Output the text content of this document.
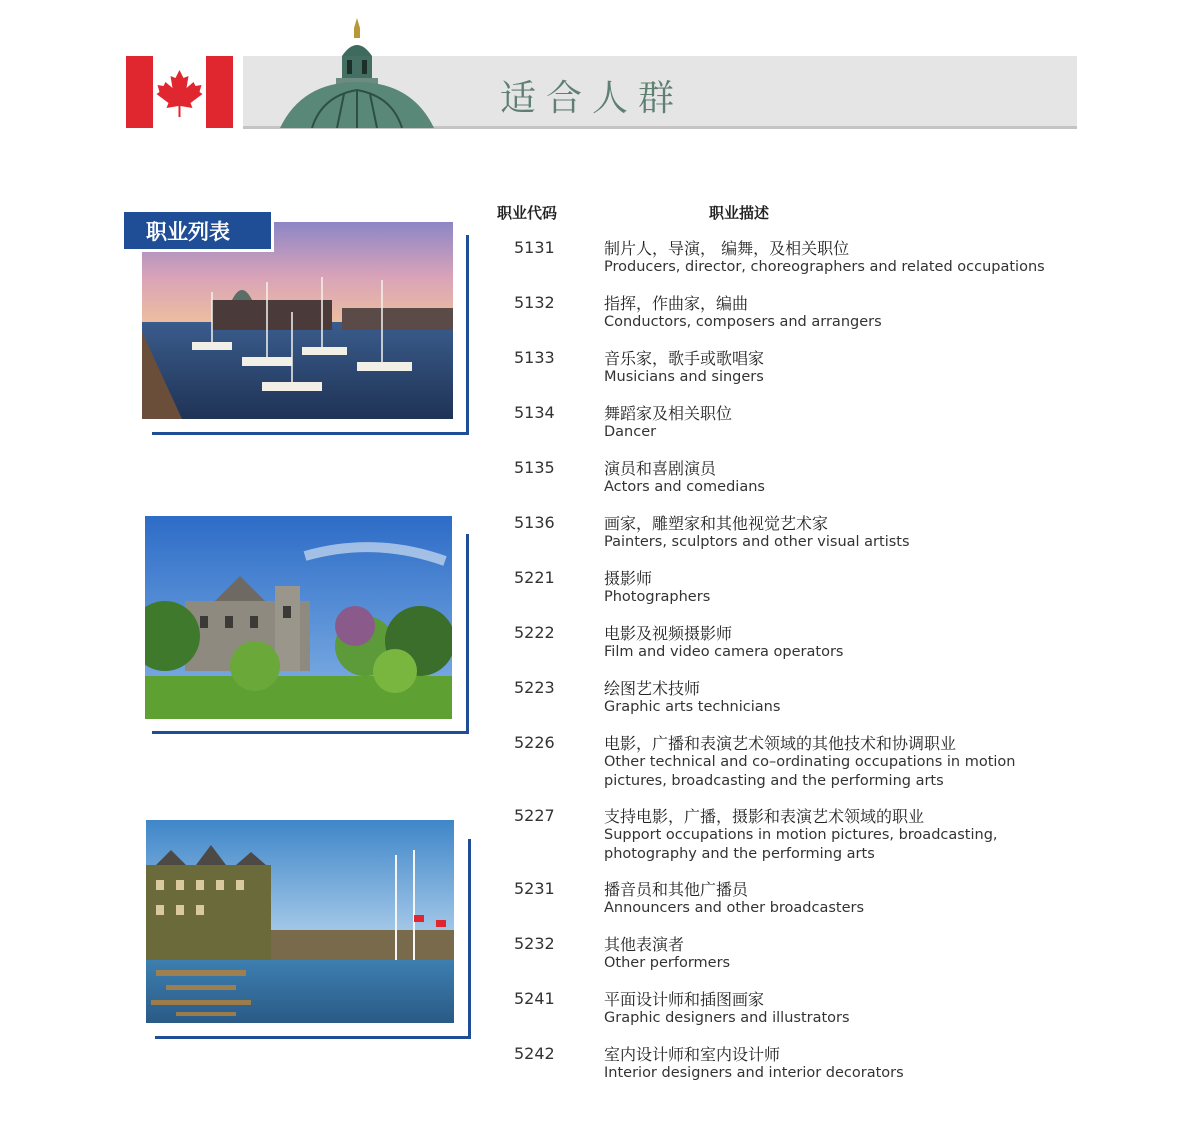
适合人群
职业列表
职业代码	职业描述
5131	制片人，导演， 编舞，及相关职位
Producers, director, choreographers and related occupations
5132	指挥，作曲家，编曲
Conductors, composers and arrangers
5133	音乐家，歌手或歌唱家
Musicians and singers
5134	舞蹈家及相关职位
Dancer
5135	演员和喜剧演员
Actors and comedians
5136	画家，雕塑家和其他视觉艺术家
Painters, sculptors and other visual artists
5221	摄影师
Photographers
5222	电影及视频摄影师
Film and video camera operators
5223	绘图艺术技师
Graphic arts technicians
5226	电影，广播和表演艺术领域的其他技术和协调职业
Other technical and co–ordinating occupations in motion pictures, broadcasting and the performing arts
5227	支持电影，广播，摄影和表演艺术领域的职业
Support occupations in motion pictures, broadcasting, photography and the performing arts
5231	播音员和其他广播员
Announcers and other broadcasters
5232	其他表演者
Other performers
5241	平面设计师和插图画家
Graphic designers and illustrators
5242	室内设计师和室内设计师
Interior designers and interior decorators
